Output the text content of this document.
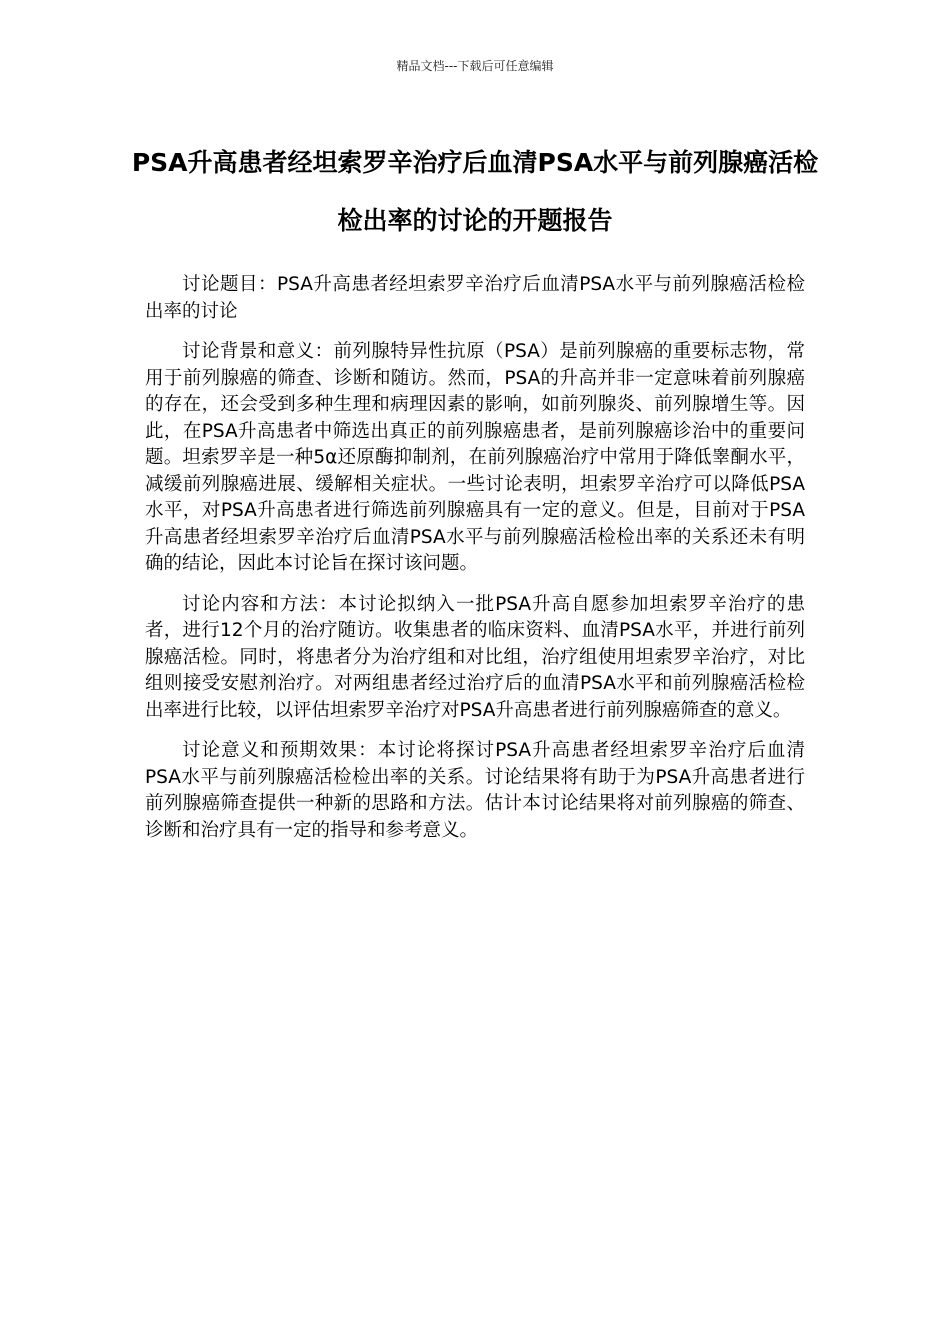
精品文档---下载后可任意编辑
PSA升高患者经坦索罗辛治疗后血清PSA水平与前列腺癌活检检出率的讨论的开题报告

讨论题目：PSA升高患者经坦索罗辛治疗后血清PSA水平与前列腺癌活检检出率的讨论

讨论背景和意义：前列腺特异性抗原（PSA）是前列腺癌的重要标志物，常用于前列腺癌的筛查、诊断和随访。然而，PSA的升高并非一定意味着前列腺癌的存在，还会受到多种生理和病理因素的影响，如前列腺炎、前列腺增生等。因此，在PSA升高患者中筛选出真正的前列腺癌患者，是前列腺癌诊治中的重要问题。坦索罗辛是一种5α还原酶抑制剂，在前列腺癌治疗中常用于降低睾酮水平，减缓前列腺癌进展、缓解相关症状。一些讨论表明，坦索罗辛治疗可以降低PSA水平，对PSA升高患者进行筛选前列腺癌具有一定的意义。但是，目前对于PSA升高患者经坦索罗辛治疗后血清PSA水平与前列腺癌活检检出率的关系还未有明确的结论，因此本讨论旨在探讨该问题。

讨论内容和方法：本讨论拟纳入一批PSA升高自愿参加坦索罗辛治疗的患者，进行12个月的治疗随访。收集患者的临床资料、血清PSA水平，并进行前列腺癌活检。同时，将患者分为治疗组和对比组，治疗组使用坦索罗辛治疗，对比组则接受安慰剂治疗。对两组患者经过治疗后的血清PSA水平和前列腺癌活检检出率进行比较，以评估坦索罗辛治疗对PSA升高患者进行前列腺癌筛查的意义。

讨论意义和预期效果：本讨论将探讨PSA升高患者经坦索罗辛治疗后血清PSA水平与前列腺癌活检检出率的关系。讨论结果将有助于为PSA升高患者进行前列腺癌筛查提供一种新的思路和方法。估计本讨论结果将对前列腺癌的筛查、诊断和治疗具有一定的指导和参考意义。
